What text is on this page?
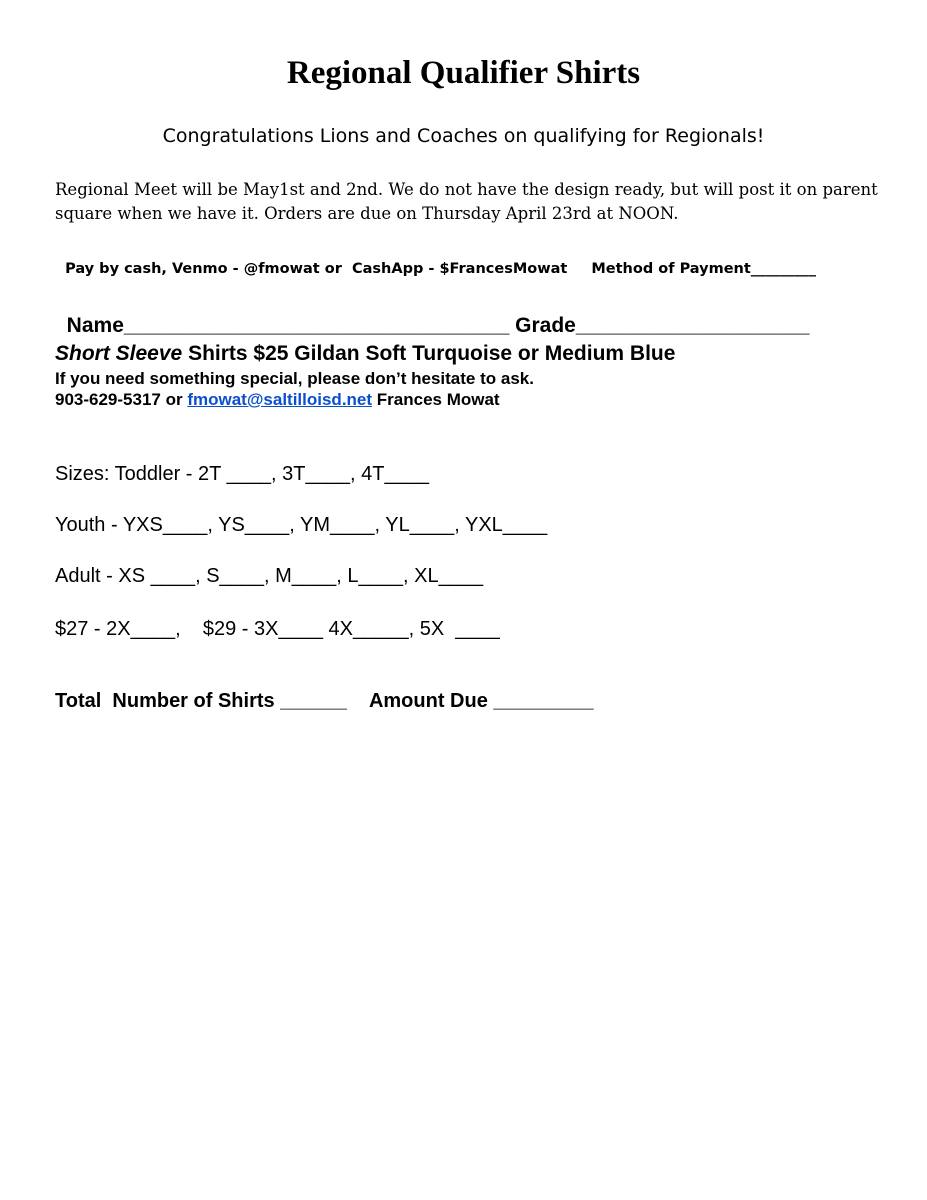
Regional Qualifier Shirts
Congratulations Lions and Coaches on qualifying for Regionals!
Regional Meet will be May1st and 2nd. We do not have the design ready, but will post it on parent square when we have it. Orders are due on Thursday April 23rd at NOON.

Pay by cash, Venmo - @fmowat or  CashApp - $FrancesMowat Method of Payment_________

Name_________________________________ Grade____________________

Short Sleeve Shirts $25 Gildan Soft Turquoise or Medium Blue
If you need something special, please don’t hesitate to ask.
903-629-5317 or fmowat@saltilloisd.net Frances Mowat
Sizes: Toddler - 2T ____, 3T____, 4T____
Youth - YXS____, YS____, YM____, YL____, YXL____
Adult - XS ____, S____, M____, L____, XL____
$27 - 2X____,    $29 - 3X____ 4X_____, 5X  ____
Total  Number of Shirts ______ Amount Due _________
